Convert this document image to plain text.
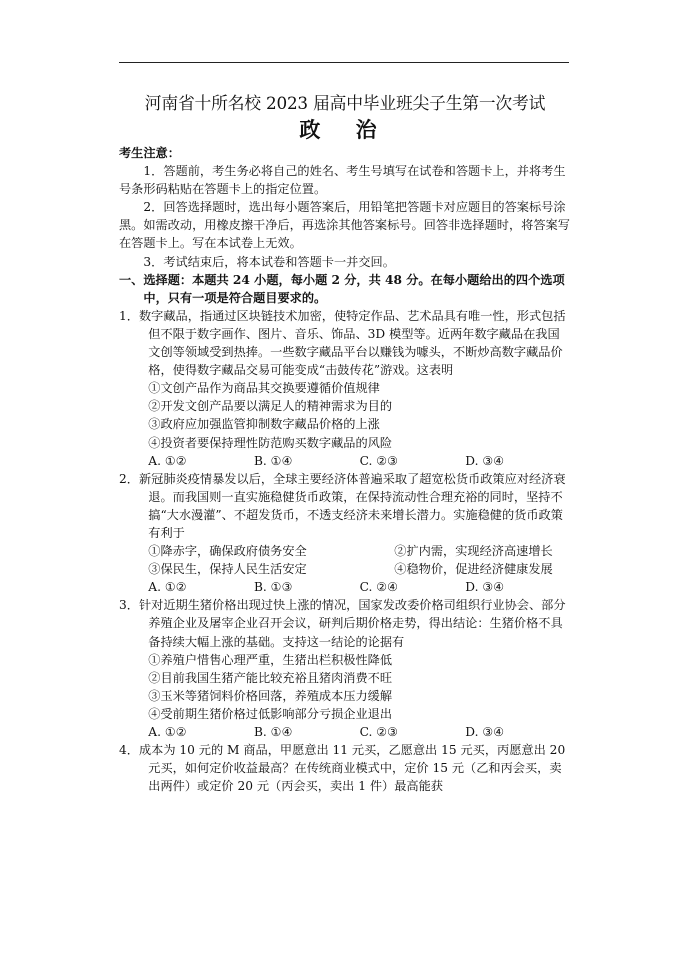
河南省十所名校 2023 届高中毕业班尖子生第一次考试
政 治
考生注意：

1．答题前，考生务必将自己的姓名、考生号填写在试卷和答题卡上，并将考生号条形码粘贴在答题卡上的指定位置。

2．回答选择题时，选出每小题答案后，用铅笔把答题卡对应题目的答案标号涂黑。如需改动，用橡皮擦干净后，再选涂其他答案标号。回答非选择题时，将答案写在答题卡上。写在本试卷上无效。

3．考试结束后，将本试卷和答题卡一并交回。

一、选择题：本题共 24 小题，每小题 2 分，共 48 分。在每小题给出的四个选项中，只有一项是符合题目要求的。

1．数字藏品，指通过区块链技术加密，使特定作品、艺术品具有唯一性，形式包括但不限于数字画作、图片、音乐、饰品、3D 模型等。近两年数字藏品在我国文创等领域受到热捧。一些数字藏品平台以赚钱为噱头，不断炒高数字藏品价格，使得数字藏品交易可能变成“击鼓传花”游戏。这表明

①文创产品作为商品其交换要遵循价值规律

②开发文创产品要以满足人的精神需求为目的

③政府应加强监管抑制数字藏品价格的上涨

④投资者要保持理性防范购买数字藏品的风险

A. ①②	B. ①④	C. ②③	D. ③④

2．新冠肺炎疫情暴发以后，全球主要经济体普遍采取了超宽松货币政策应对经济衰退。而我国则一直实施稳健货币政策，在保持流动性合理充裕的同时，坚持不搞“大水漫灌”、不超发货币，不透支经济未来增长潜力。实施稳健的货币政策有利于

①降赤字，确保政府债务安全	②扩内需，实现经济高速增长
③保民生，保持人民生活安定	④稳物价，促进经济健康发展
A. ①②	B. ①③	C. ②④	D. ③④

3．针对近期生猪价格出现过快上涨的情况，国家发改委价格司组织行业协会、部分养殖企业及屠宰企业召开会议，研判后期价格走势，得出结论：生猪价格不具备持续大幅上涨的基础。支持这一结论的论据有

①养殖户惜售心理严重，生猪出栏积极性降低

②目前我国生猪产能比较充裕且猪肉消费不旺

③玉米等猪饲料价格回落，养殖成本压力缓解

④受前期生猪价格过低影响部分亏损企业退出

A. ①②	B. ①④	C. ②③	D. ③④

4．成本为 10 元的 M 商品，甲愿意出 11 元买，乙愿意出 15 元买，丙愿意出 20 元买，如何定价收益最高？在传统商业模式中，定价 15 元（乙和丙会买，卖出两件）或定价 20 元（丙会买，卖出 1 件）最高能获
